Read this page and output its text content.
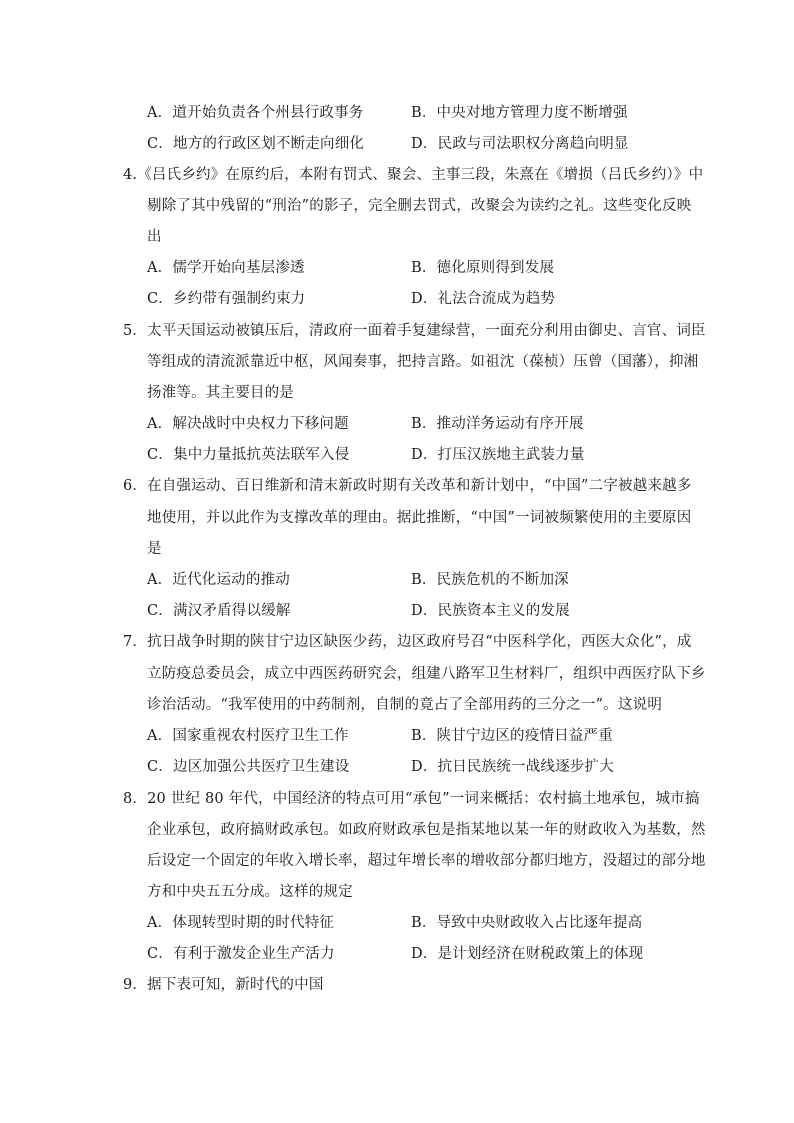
A．道开始负责各个州县行政事务	B．中央对地方管理力度不断增强
C．地方的行政区划不断走向细化	D．民政与司法职权分离趋向明显
4.《吕氏乡约》在原约后，本附有罚式、聚会、主事三段，朱熹在《增损（吕氏乡约）》中
剔除了其中残留的“刑治”的影子，完全删去罚式，改聚会为读约之礼。这些变化反映
出
A．儒学开始向基层渗透	B．德化原则得到发展
C．乡约带有强制约束力	D．礼法合流成为趋势
5．太平天国运动被镇压后，清政府一面着手复建绿营，一面充分利用由御史、言官、词臣
等组成的清流派靠近中枢，风闻奏事，把持言路。如祖沈（葆桢）压曾（国藩），抑湘
扬淮等。其主要目的是
A．解决战时中央权力下移问题	B．推动洋务运动有序开展
C．集中力量抵抗英法联军入侵	D．打压汉族地主武装力量
6．在自强运动、百日维新和清末新政时期有关改革和新计划中，“中国”二字被越来越多
地使用，并以此作为支撑改革的理由。据此推断，“中国”一词被频繁使用的主要原因
是
A．近代化运动的推动	B．民族危机的不断加深
C．满汉矛盾得以缓解	D．民族资本主义的发展
7．抗日战争时期的陕甘宁边区缺医少药，边区政府号召“中医科学化，西医大众化”，成
立防疫总委员会，成立中西医药研究会，组建八路军卫生材料厂，组织中西医疗队下乡
诊治活动。“我军使用的中药制剂，自制的竟占了全部用药的三分之一”。这说明
A．国家重视农村医疗卫生工作	B．陕甘宁边区的疫情日益严重
C．边区加强公共医疗卫生建设	D．抗日民族统一战线逐步扩大
8．20 世纪 80 年代，中国经济的特点可用“承包”一词来概括：农村搞土地承包，城市搞
企业承包，政府搞财政承包。如政府财政承包是指某地以某一年的财政收入为基数，然
后设定一个固定的年收入增长率，超过年增长率的增收部分都归地方，没超过的部分地
方和中央五五分成。这样的规定
A．体现转型时期的时代特征	B．导致中央财政收入占比逐年提高
C．有利于激发企业生产活力	D．是计划经济在财税政策上的体现
9．据下表可知，新时代的中国
